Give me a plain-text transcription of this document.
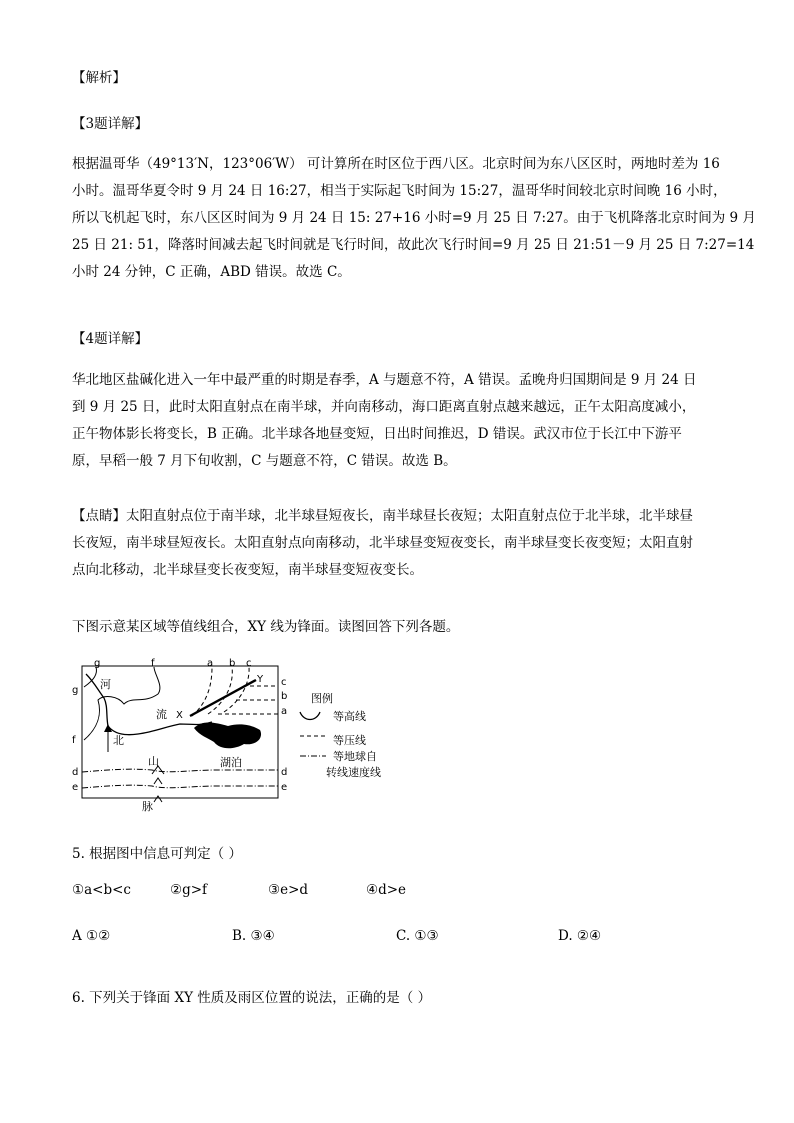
【解析】
【3题详解】

根据温哥华（49°13′N，123°06′W） 可计算所在时区位于西八区。北京时间为东八区区时，两地时差为 16

小时。温哥华夏令时 9 月 24 日 16:27，相当于实际起飞时间为 15:27，温哥华时间较北京时间晚 16 小时，

所以飞机起飞时，东八区区时间为 9 月 24 日 15: 27+16 小时=9 月 25 日 7:27。由于飞机降落北京时间为 9 月

25 日 21: 51，降落时间减去起飞时间就是飞行时间，故此次飞行时间=9 月 25 日 21:51－9 月 25 日 7:27=14

小时 24 分钟，C 正确，ABD 错误。故选 C。

【4题详解】

华北地区盐碱化进入一年中最严重的时期是春季，A 与题意不符，A 错误。孟晚舟归国期间是 9 月 24 日

到 9 月 25 日，此时太阳直射点在南半球，并向南移动，海口距离直射点越来越远，正午太阳高度减小，

正午物体影长将变长，B 正确。北半球各地昼变短，日出时间推迟，D 错误。武汉市位于长江中下游平

原，早稻一般 7 月下旬收割，C 与题意不符，C 错误。故选 B。

【点睛】太阳直射点位于南半球，北半球昼短夜长，南半球昼长夜短；太阳直射点位于北半球，北半球昼

长夜短，南半球昼短夜长。太阳直射点向南移动，北半球昼变短夜变长，南半球昼变长夜变短；太阳直射

点向北移动，北半球昼变长夜变短，南半球昼变短夜变长。

下图示意某区域等值线组合，XY 线为锋面。读图回答下列各题。
g	f	a b c
c
b
a
d
e
g
f
d
e
X
Y
湖泊
河
流
北
山
脉
图例
等高线
等压线
等地球自
转线速度线
5. 根据图中信息可判定（ ）
①a<b<c	②g>f	③e>d	④d>e
A ①②	B. ③④	C. ①③	D. ②④
6. 下列关于锋面 XY 性质及雨区位置的说法，正确的是（ ）
